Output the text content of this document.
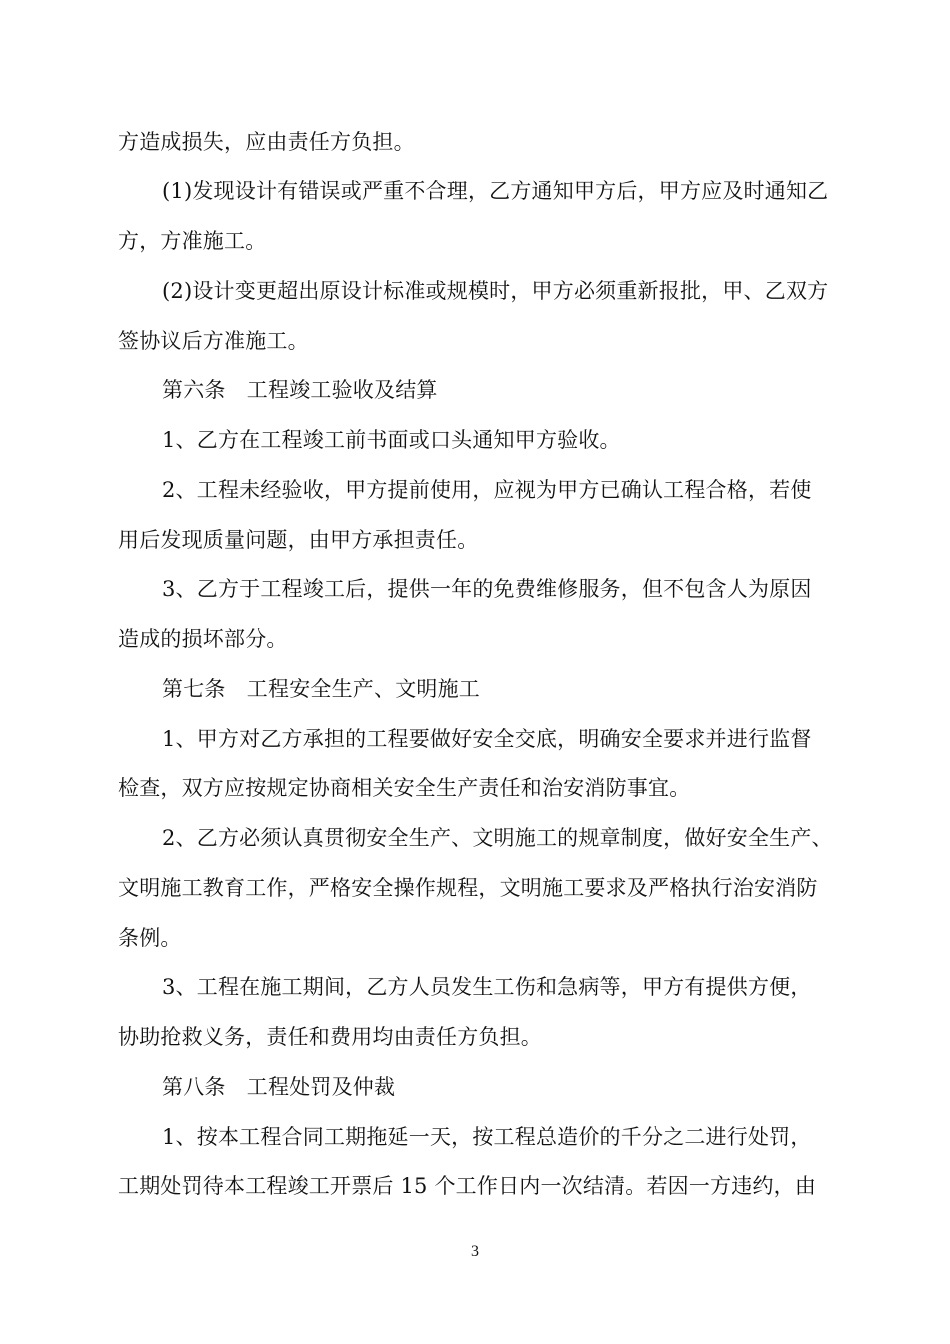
方造成损失，应由责任方负担。
(1)发现设计有错误或严重不合理，乙方通知甲方后，甲方应及时通知乙
方，方准施工。
(2)设计变更超出原设计标准或规模时，甲方必须重新报批，甲、乙双方
签协议后方准施工。
第六条　工程竣工验收及结算
1、乙方在工程竣工前书面或口头通知甲方验收。
2、工程未经验收，甲方提前使用，应视为甲方已确认工程合格，若使
用后发现质量问题，由甲方承担责任。
3、乙方于工程竣工后，提供一年的免费维修服务，但不包含人为原因
造成的损坏部分。
第七条　工程安全生产、文明施工
1、甲方对乙方承担的工程要做好安全交底，明确安全要求并进行监督
检查，双方应按规定协商相关安全生产责任和治安消防事宜。
2、乙方必须认真贯彻安全生产、文明施工的规章制度，做好安全生产、
文明施工教育工作，严格安全操作规程，文明施工要求及严格执行治安消防
条例。
3、工程在施工期间，乙方人员发生工伤和急病等，甲方有提供方便，
协助抢救义务，责任和费用均由责任方负担。
第八条　工程处罚及仲裁
1、按本工程合同工期拖延一天，按工程总造价的千分之二进行处罚，
工期处罚待本工程竣工开票后 15 个工作日内一次结清。若因一方违约，由
3
